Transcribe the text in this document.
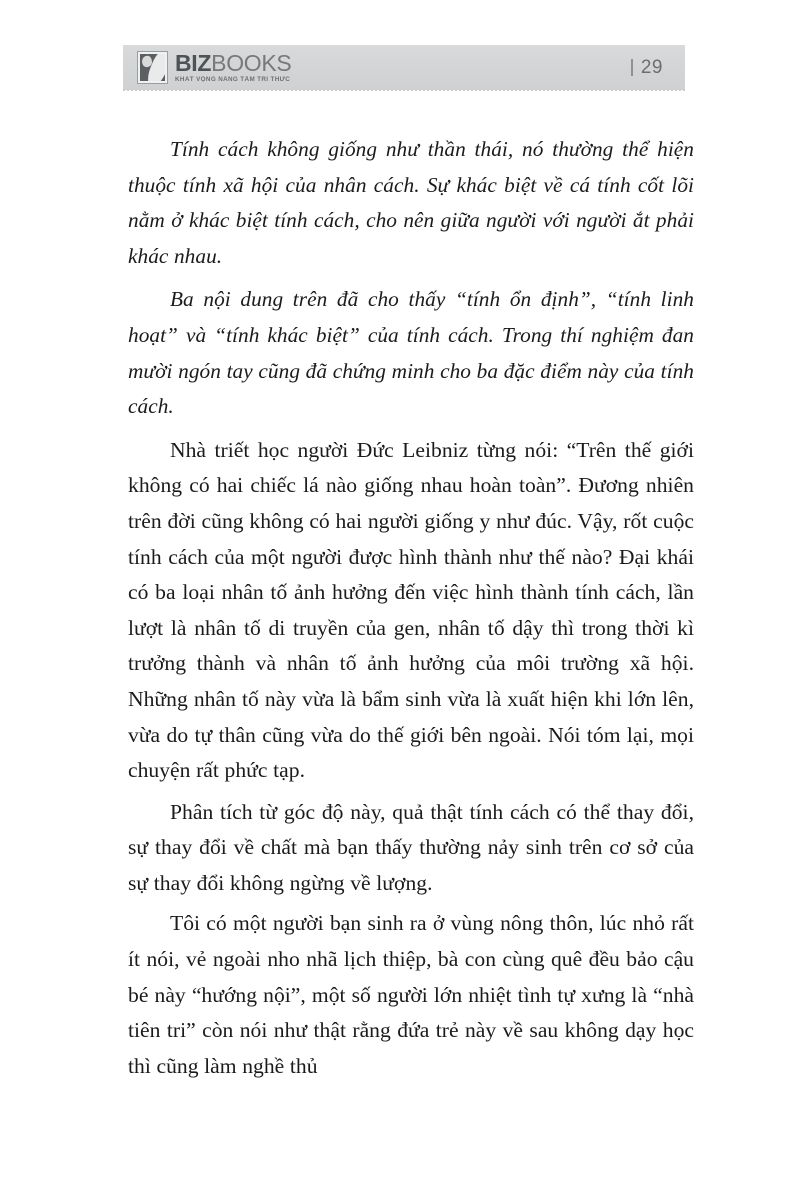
BIZBOOKS
KHÁT VỌNG NÂNG TẦM TRI THỨC
29

Tính cách không giống như thần thái, nó thường thể hiện thuộc tính xã hội của nhân cách. Sự khác biệt về cá tính cốt lõi nằm ở khác biệt tính cách, cho nên giữa người với người ắt phải khác nhau.

Ba nội dung trên đã cho thấy “tính ổn định”, “tính linh hoạt” và “tính khác biệt” của tính cách. Trong thí nghiệm đan mười ngón tay cũng đã chứng minh cho ba đặc điểm này của tính cách.

Nhà triết học người Đức Leibniz từng nói: “Trên thế giới không có hai chiếc lá nào giống nhau hoàn toàn”. Đương nhiên trên đời cũng không có hai người giống y như đúc. Vậy, rốt cuộc tính cách của một người được hình thành như thế nào? Đại khái có ba loại nhân tố ảnh hưởng đến việc hình thành tính cách, lần lượt là nhân tố di truyền của gen, nhân tố dậy thì trong thời kì trưởng thành và nhân tố ảnh hưởng của môi trường xã hội. Những nhân tố này vừa là bẩm sinh vừa là xuất hiện khi lớn lên, vừa do tự thân cũng vừa do thế giới bên ngoài. Nói tóm lại, mọi chuyện rất phức tạp.

Phân tích từ góc độ này, quả thật tính cách có thể thay đổi, sự thay đổi về chất mà bạn thấy thường nảy sinh trên cơ sở của sự thay đổi không ngừng về lượng.

Tôi có một người bạn sinh ra ở vùng nông thôn, lúc nhỏ rất ít nói, vẻ ngoài nho nhã lịch thiệp, bà con cùng quê đều bảo cậu bé này “hướng nội”, một số người lớn nhiệt tình tự xưng là “nhà tiên tri” còn nói như thật rằng đứa trẻ này về sau không dạy học thì cũng làm nghề thủ
